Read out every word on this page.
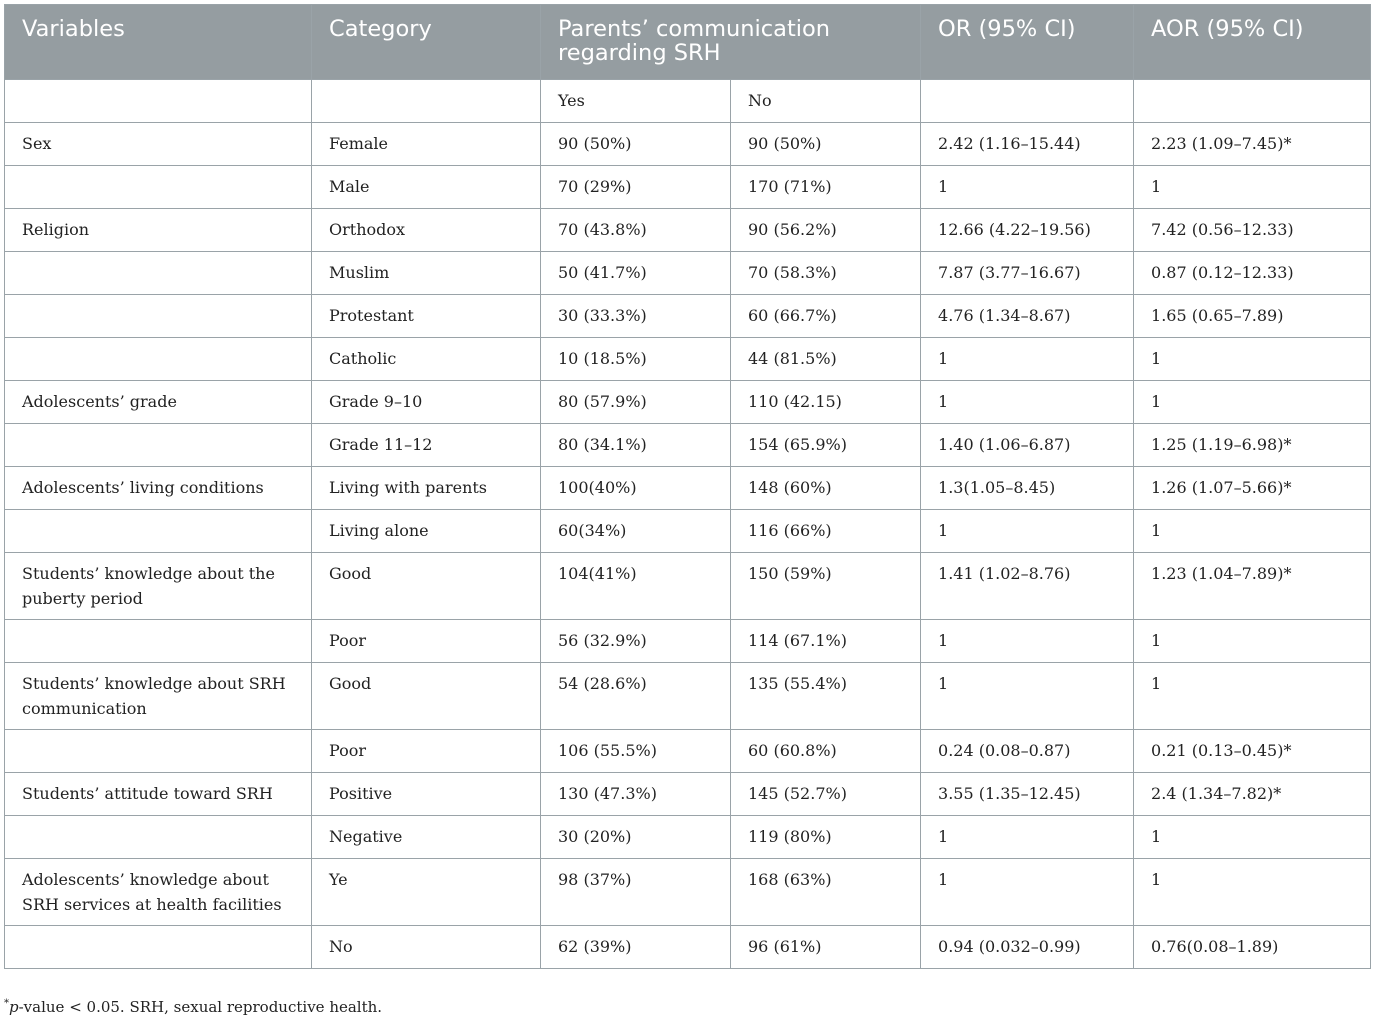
Variables	Category	Parents’ communication regarding SRH		OR (95% CI)	AOR (95% CI)
		Yes	No		
Sex	Female	90 (50%)	90 (50%)	2.42 (1.16–15.44)	2.23 (1.09–7.45)*
	Male	70 (29%)	170 (71%)	1	1
Religion	Orthodox	70 (43.8%)	90 (56.2%)	12.66 (4.22–19.56)	7.42 (0.56–12.33)
	Muslim	50 (41.7%)	70 (58.3%)	7.87 (3.77–16.67)	0.87 (0.12–12.33)
	Protestant	30 (33.3%)	60 (66.7%)	4.76 (1.34–8.67)	1.65 (0.65–7.89)
	Catholic	10 (18.5%)	44 (81.5%)	1	1
Adolescents’ grade	Grade 9–10	80 (57.9%)	110 (42.15)	1	1
	Grade 11–12	80 (34.1%)	154 (65.9%)	1.40 (1.06–6.87)	1.25 (1.19–6.98)*
Adolescents’ living conditions	Living with parents	100(40%)	148 (60%)	1.3(1.05–8.45)	1.26 (1.07–5.66)*
	Living alone	60(34%)	116 (66%)	1	1
Students’ knowledge about the puberty period	Good	104(41%)	150 (59%)	1.41 (1.02–8.76)	1.23 (1.04–7.89)*
	Poor	56 (32.9%)	114 (67.1%)	1	1
Students’ knowledge about SRH communication	Good	54 (28.6%)	135 (55.4%)	1	1
	Poor	106 (55.5%)	60 (60.8%)	0.24 (0.08–0.87)	0.21 (0.13–0.45)*
Students’ attitude toward SRH	Positive	130 (47.3%)	145 (52.7%)	3.55 (1.35–12.45)	2.4 (1.34–7.82)*
	Negative	30 (20%)	119 (80%)	1	1
Adolescents’ knowledge about SRH services at health facilities	Ye	98 (37%)	168 (63%)	1	1
	No	62 (39%)	96 (61%)	0.94 (0.032–0.99)	0.76(0.08–1.89)
*p-value < 0.05. SRH, sexual reproductive health.
